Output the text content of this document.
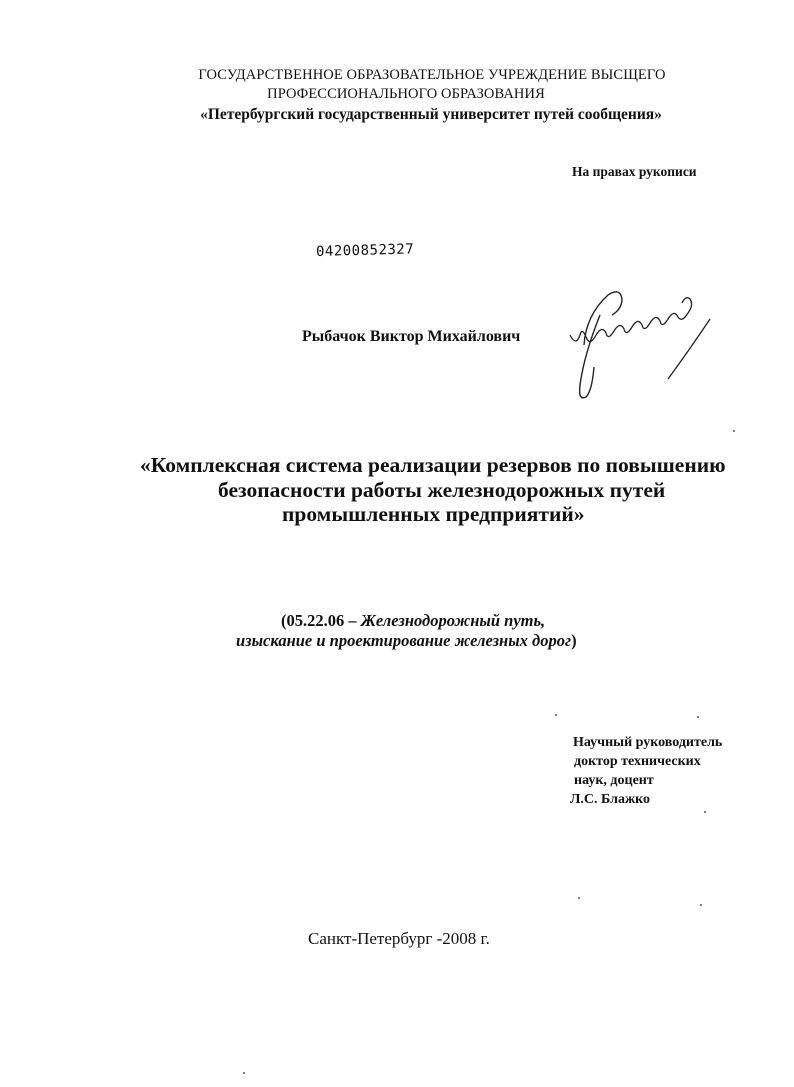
ГОСУДАРСТВЕННОЕ ОБРАЗОВАТЕЛЬНОЕ УЧРЕЖДЕНИЕ ВЫСЩЕГО
ПРОФЕССИОНАЛЬНОГО ОБРАЗОВАНИЯ
«Петербургский государственный университет путей сообщения»
На правах рукописи
04200852327
Рыбачок Виктор Михайлович
«Комплексная система реализации резервов по повышению
безопасности работы железнодорожных путей
промышленных предприятий»
(05.22.06 – Железнодорожный путь,
изыскание и проектирование железных дорог)
Научный руководитель
доктор технических
наук, доцент
Л.С. Блажко
Санкт-Петербург -2008 г.
